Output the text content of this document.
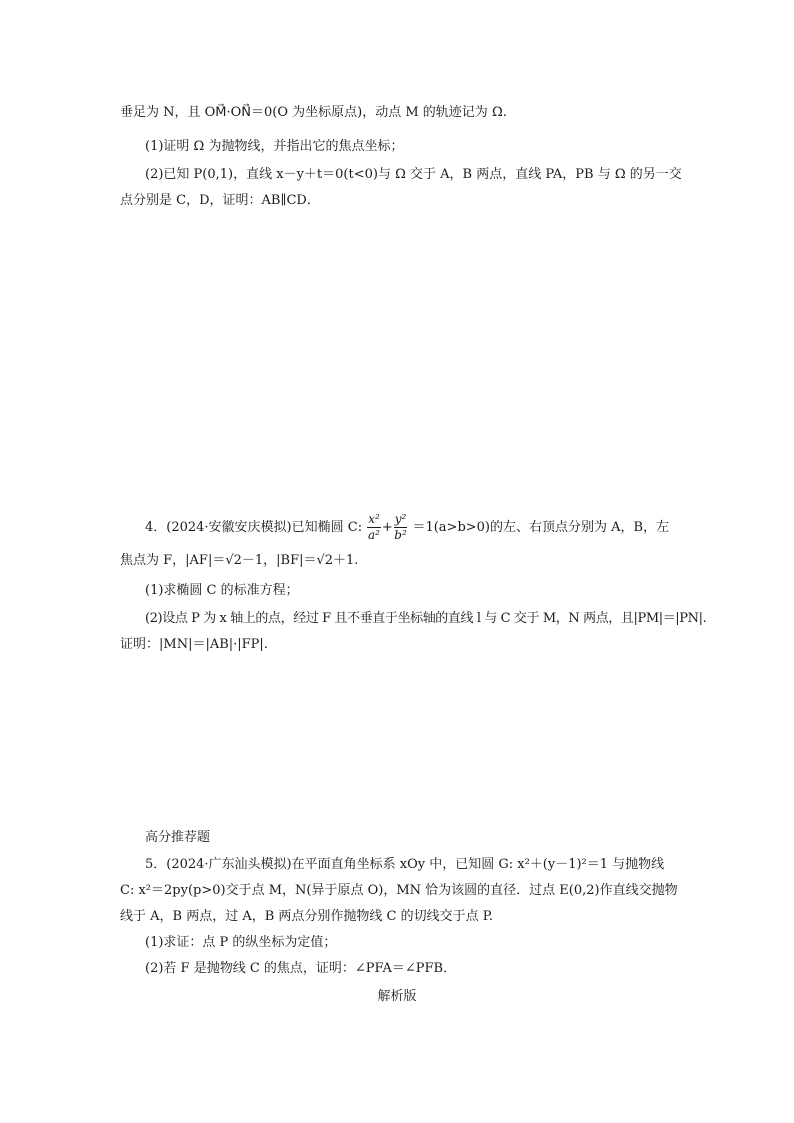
垂足为 N，且 OM⃗·ON⃗＝0(O 为坐标原点)，动点 M 的轨迹记为 Ω.
(1)证明 Ω 为抛物线，并指出它的焦点坐标；
(2)已知 P(0,1)，直线 x－y＋t＝0(t<0)与 Ω 交于 A，B 两点，直线 PA，PB 与 Ω 的另一交
点分别是 C，D，证明：AB∥CD．
4．(2024·安徽安庆模拟)已知椭圆 C: $\frac{\text{x²}}{\text{a²}} + \frac{\text{y²}}{\text{b²}} =1(a>b>0)$的左、右顶点分别为 A，B，左
焦点为 F，|AF|＝√2－1，|BF|＝√2＋1.
(1)求椭圆 C 的标准方程；
(2)设点 P 为 x 轴上的点，经过 F 且不垂直于坐标轴的直线 l 与 C 交于 M，N 两点，且|PM|＝|PN|.
证明：|MN|＝|AB|·|FP|.
高分推荐题
5．(2024·广东汕头模拟)在平面直角坐标系 xOy 中，已知圆 G: x²＋(y－1)²＝1 与抛物线
C: x²＝2py(p>0)交于点 M，N(异于原点 O)，MN 恰为该圆的直径．过点 E(0,2)作直线交抛物
线于 A，B 两点，过 A，B 两点分别作抛物线 C 的切线交于点 P.
(1)求证：点 P 的纵坐标为定值；
(2)若 F 是抛物线 C 的焦点，证明：∠PFA＝∠PFB．
解析版
